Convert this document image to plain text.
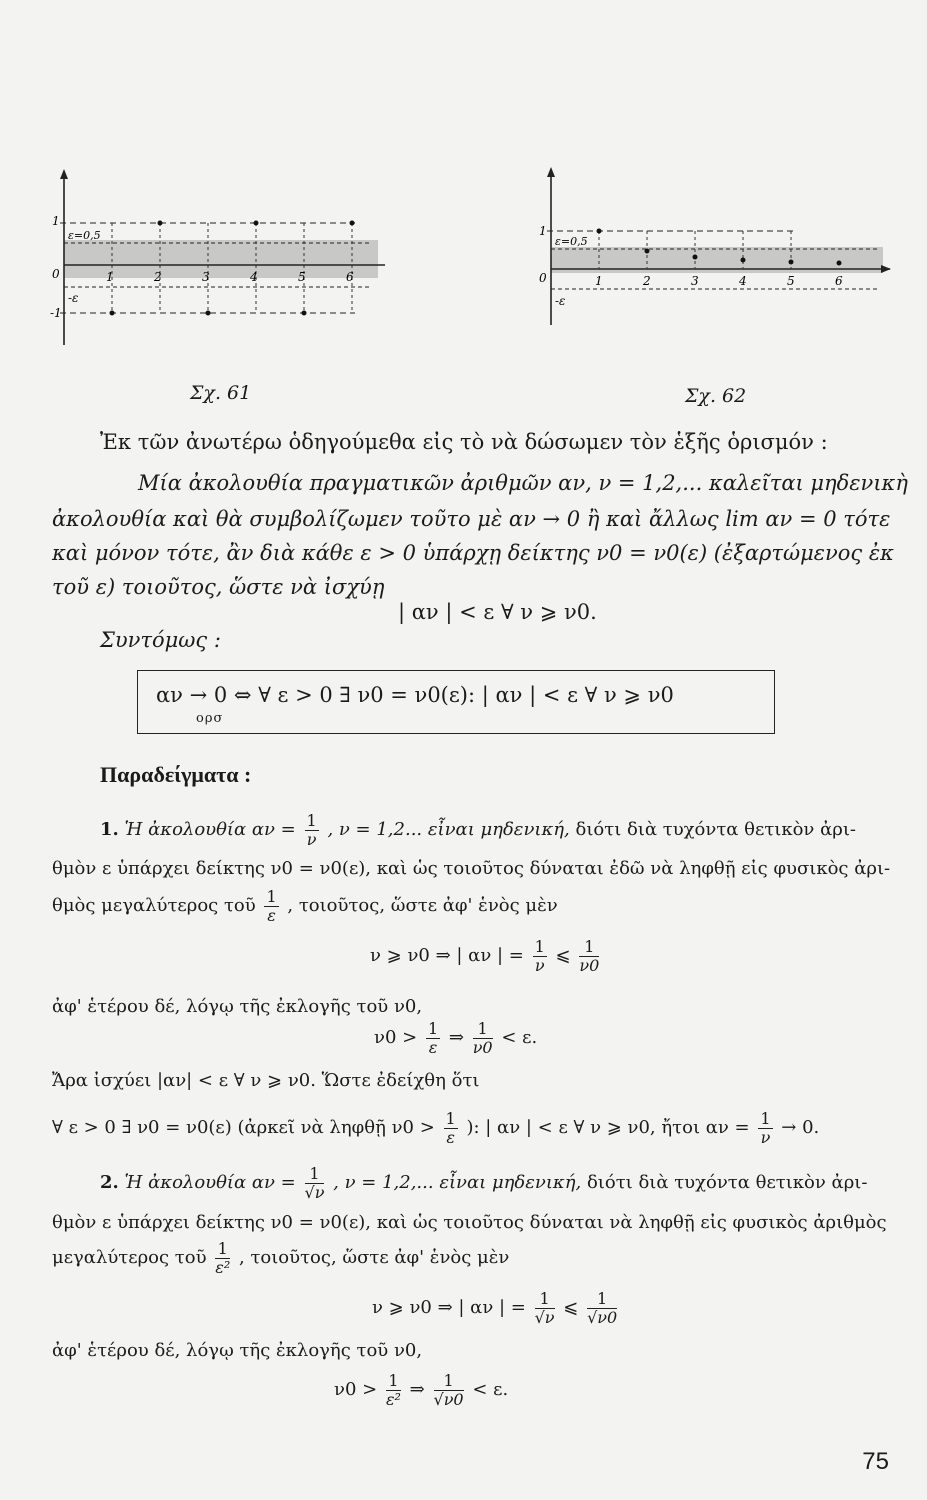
1
ε=0,5
0
-ε
-1
1	2	3	4	5	6
Σχ. 61
1
ε=0,5
0
-ε
1	2	3	4	5	6
Σχ. 62
Ἐκ τῶν ἀνωτέρω ὁδηγούμεθα εἰς τὸ νὰ δώσωμεν τὸν ἑξῆς ὁρισμόν :
Μία ἀκολουθία πραγματικῶν ἀριθμῶν αν, ν = 1,2,... καλεῖται μηδενικὴ
ἀκολουθία καὶ θὰ συμβολίζωμεν τοῦτο μὲ αν → 0 ἢ καὶ ἄλλως lim αν = 0 τότε
καὶ μόνον τότε, ἂν διὰ κάθε ε > 0 ὑπάρχῃ δείκτης ν0 = ν0(ε) (ἐξαρτώμενος ἐκ
τοῦ ε) τοιοῦτος, ὥστε νὰ ἰσχύῃ
| αν | < ε ∀ ν ⩾ ν0.
Συντόμως :
αν → 0 ⇔ ∀ ε > 0 ∃ ν0 = ν0(ε): | αν | < ε ∀ ν ⩾ ν0
ορσ
Παραδείγματα :
1. Ἡ ἀκολουθία $\alpha\nu = \frac{1}{\nu}$ , ν = 1,2... εἶναι μηδενική, διότι διὰ τυχόντα θετικὸν ἀρι-
θμὸν ε ὑπάρχει δείκτης ν0 = ν0(ε), καὶ ὡς τοιοῦτος δύναται ἐδῶ νὰ ληφθῇ εἰς φυσικὸς ἀρι-
θμὸς μεγαλύτερος τοῦ $\frac{1}{\varepsilon}$ , τοιοῦτος, ὥστε ἀφ' ἑνὸς μὲν
ν ⩾ ν0 ⇒ | αν | = $\frac{1}{\nu}$ ⩽ $\frac{1}{\nu 0}$
ἀφ' ἑτέρου δέ, λόγῳ τῆς ἐκλογῆς τοῦ ν0,
$\nu 0 > \frac{1}{\varepsilon}$ ⇒ $\frac{1}{\nu 0} < \varepsilon$.
Ἄρα ἰσχύει |αν| < ε ∀ ν ⩾ ν0. Ὥστε ἐδείχθη ὅτι
∀ ε > 0 ∃ ν0 = ν0(ε) (ἀρκεῖ νὰ ληφθῇ $\nu 0 > \frac{1}{\varepsilon}$ ): | αν | < ε ∀ ν ⩾ ν0, ἤτοι $\alpha\nu = \frac{1}{\nu} \to 0$.
2. Ἡ ἀκολουθία $\alpha\nu = \frac{1}{√\nu}$ , ν = 1,2,... εἶναι μηδενική, διότι διὰ τυχόντα θετικὸν ἀρι-
θμὸν ε ὑπάρχει δείκτης ν0 = ν0(ε), καὶ ὡς τοιοῦτος δύναται νὰ ληφθῇ εἰς φυσικὸς ἀριθμὸς
μεγαλύτερος τοῦ $\frac{1}{\text{ε²}}$ , τοιοῦτος, ὥστε ἀφ' ἑνὸς μὲν
ν ⩾ ν0 ⇒ | αν | = $\frac{1}{√\nu}$ ⩽ $\frac{1}{√\nu 0}$
ἀφ' ἑτέρου δέ, λόγῳ τῆς ἐκλογῆς τοῦ ν0,
$\nu 0 > \frac{1}{\text{ε²}}$ ⇒ $\frac{1}{√\nu 0} < \varepsilon$.
75
